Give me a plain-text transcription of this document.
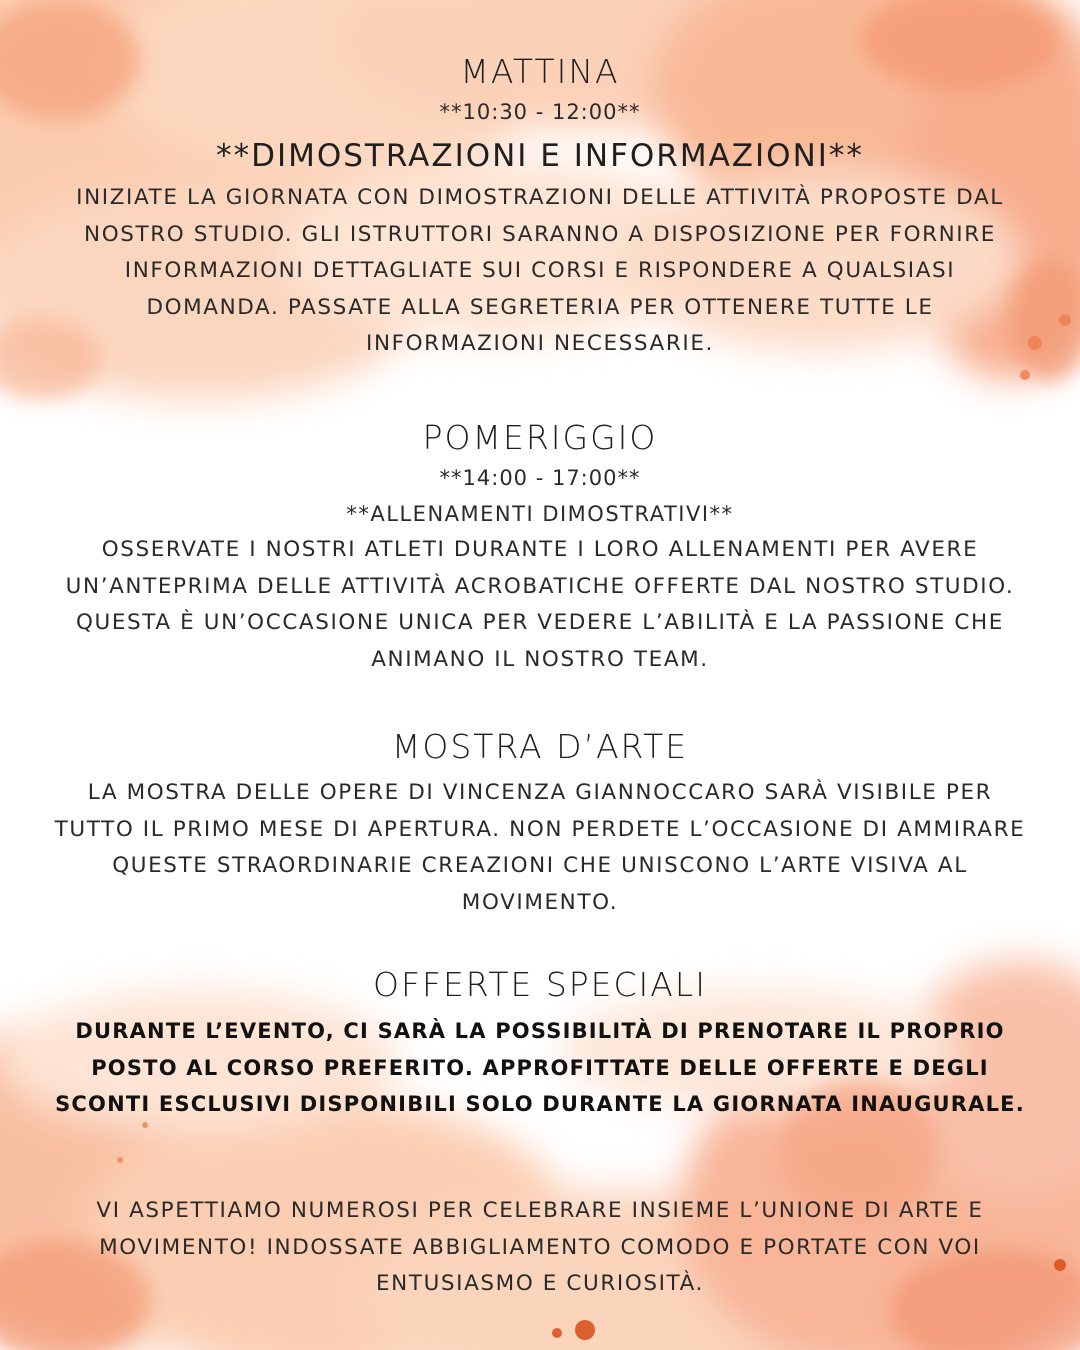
MATTINA
**10:30 - 12:00**
**DIMOSTRAZIONI E INFORMAZIONI**

INIZIATE LA GIORNATA CON DIMOSTRAZIONI DELLE ATTIVITÀ PROPOSTE DAL NOSTRO STUDIO. GLI ISTRUTTORI SARANNO A DISPOSIZIONE PER FORNIRE INFORMAZIONI DETTAGLIATE SUI CORSI E RISPONDERE A QUALSIASI DOMANDA. PASSATE ALLA SEGRETERIA PER OTTENERE TUTTE LE INFORMAZIONI NECESSARIE.

POMERIGGIO
**14:00 - 17:00**
**ALLENAMENTI DIMOSTRATIVI**

OSSERVATE I NOSTRI ATLETI DURANTE I LORO ALLENAMENTI PER AVERE UN’ANTEPRIMA DELLE ATTIVITÀ ACROBATICHE OFFERTE DAL NOSTRO STUDIO. QUESTA È UN’OCCASIONE UNICA PER VEDERE L’ABILITÀ E LA PASSIONE CHE ANIMANO IL NOSTRO TEAM.

MOSTRA D’ARTE

LA MOSTRA DELLE OPERE DI VINCENZA GIANNOCCARO SARÀ VISIBILE PER TUTTO IL PRIMO MESE DI APERTURA. NON PERDETE L’OCCASIONE DI AMMIRARE QUESTE STRAORDINARIE CREAZIONI CHE UNISCONO L’ARTE VISIVA AL MOVIMENTO.

OFFERTE SPECIALI

DURANTE L’EVENTO, CI SARÀ LA POSSIBILITÀ DI PRENOTARE IL PROPRIO POSTO AL CORSO PREFERITO. APPROFITTATE DELLE OFFERTE E DEGLI SCONTI ESCLUSIVI DISPONIBILI SOLO DURANTE LA GIORNATA INAUGURALE.

VI ASPETTIAMO NUMEROSI PER CELEBRARE INSIEME L’UNIONE DI ARTE E MOVIMENTO! INDOSSATE ABBIGLIAMENTO COMODO E PORTATE CON VOI ENTUSIASMO E CURIOSITÀ.
